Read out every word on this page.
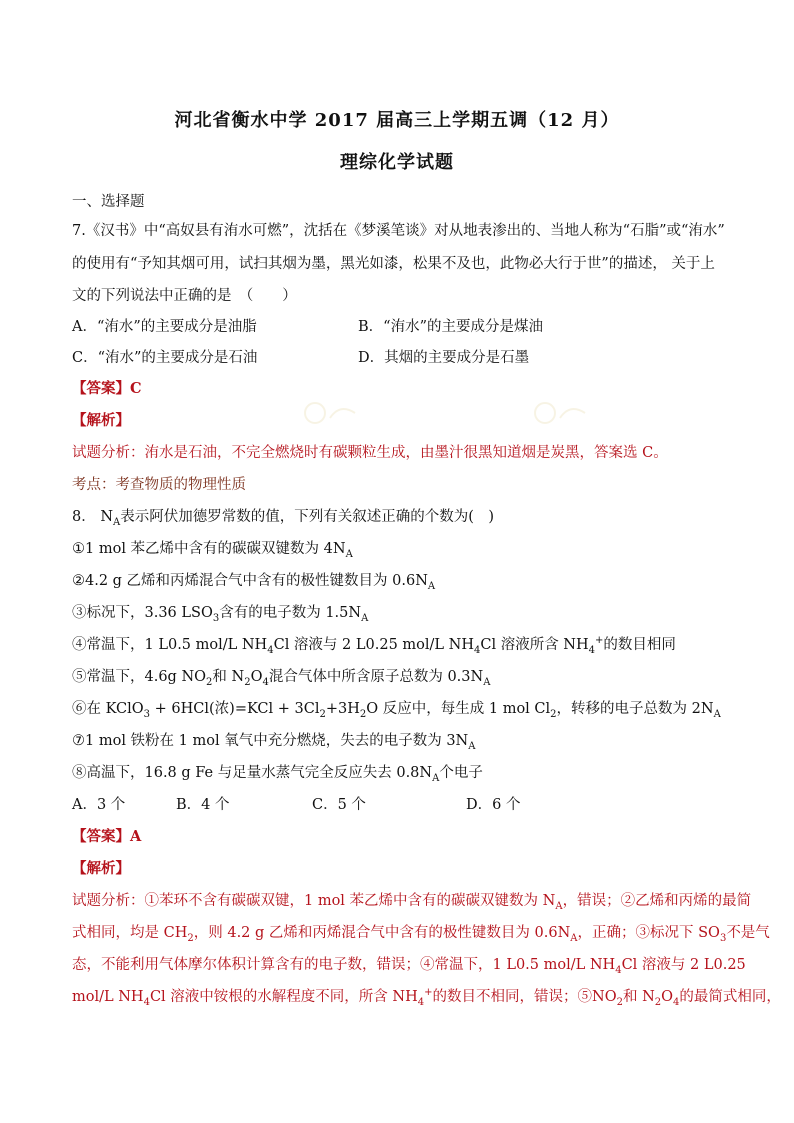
河北省衡水中学 2017 届高三上学期五调（12 月）
理综化学试题
一、选择题
7.《汉书》中“高奴县有洧水可燃”，沈括在《梦溪笔谈》对从地表渗出的、当地人称为“石脂”或“洧水”
的使用有“予知其烟可用，试扫其烟为墨，黑光如漆，松果不及也，此物必大行于世”的描述， 关于上
文的下列说法中正确的是　（　　）
A．“洧水”的主要成分是油脂	B．“洧水”的主要成分是煤油
C．“洧水”的主要成分是石油	D．其烟的主要成分是石墨
【答案】C
【解析】
试题分析：洧水是石油，不完全燃烧时有碳颗粒生成，由墨汁很黑知道烟是炭黑，答案选 C。
考点：考查物质的物理性质
8． $N_A$表示阿伏加德罗常数的值，下列有关叙述正确的个数为(　)
①1 mol 苯乙烯中含有的碳碳双键数为 $4N_A$
②4.2 g 乙烯和丙烯混合气中含有的极性键数目为 $0.6N_A$
③标况下，3.36 $LSO_3$含有的电子数为 $1.5N_A$
④常温下，1 L0.5 mol/L $NH_4Cl$ 溶液与 2 L0.25 mol/L $NH_4Cl$ 溶液所含 $NH_4^+$的数目相同
⑤常温下，4.6g $NO_2$和 $N_2O_4$混合气体中所含原子总数为 $0.3N_A$
⑥在 KClO$_3$ + 6HCl(浓)$=KCl + 3Cl_2+3H_2O$ 反应中，每生成 1 mol $Cl_2$，转移的电子总数为 $2N_A$
⑦1 mol 铁粉在 1 mol 氧气中充分燃烧，失去的电子数为 $3N_A$
⑧高温下，16.8 g Fe 与足量水蒸气完全反应失去 $0.8N_A$个电子
A．3 个	B．4 个	C．5 个	D．6 个
【答案】A
【解析】
试题分析：①苯环不含有碳碳双键，1 mol 苯乙烯中含有的碳碳双键数为 $N_A$，错误；②乙烯和丙烯的最简
式相同，均是 $CH_2$，则 4.2 g 乙烯和丙烯混合气中含有的极性键数目为 $0.6N_A$，正确；③标况下 $SO_3$不是气
态，不能利用气体摩尔体积计算含有的电子数，错误；④常温下，1 L0.5 mol/L $NH_4Cl$ 溶液与 2 L0.25
mol/L $NH_4Cl$ 溶液中铵根的水解程度不同，所含 $NH_4^+$的数目不相同，错误；$⑤NO_2$和 $N_2O_4$的最简式相同，
